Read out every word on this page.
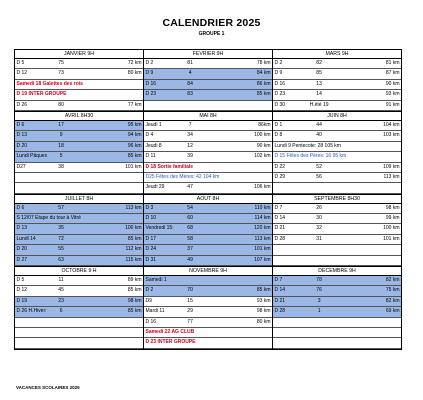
CALENDRIER 2025
GROUPE 1
JANVIER 9H
D 5	75	72 km
D 12	73	80 km
Samedi 18 Galettes des rois
D 19 INTER GROUPE
D 26	80	77 km
FEVRIER 9H
D 2	81	78 km
D 9	4	84 km
D 16	84	86 km
D 23	83	85 km
MARS 9H
D 2	82	81 km
D 9	85	87 km
D 16	13	90 km
D 23	14	93 km
D 30	H.été 19	91 km
AVRIL 8H30
D 6	17	95 km
D 13	9	94 km
D 20	18	96 km
Lundi Pâques	5	85 km
D27	38	101 km
MAI 8H
Jeudi 1	7	86km
D 4	34	100 km
Jeudi 8	12	90 km
D 11	39	102 km
D 18 Sortie familiale
D25 Fêtes des Mères: 42 104 km
Jeudi 29	47	106 km
JUIN 8H
D 1	44	104 km
D 8	40	103 km
Lundi 9 Pentecote: 28 105 km
D 15 Fêtes des Pères: 16 95 km
D 22	52	109 km
D 29	56	113 km
JUILLET 8H
D 6	57	113 km
S 12/07 Etape du tour à Vitré
D 13	35	100 km
Lundi 14	72	85 km
D 20	55	112 km
D 27	63	115 km
AOUT 8H
D 3	54	110 km
D 10	60	114 km
Vendredi 15:	68	120 km
D 17	58	113 km
D 24	37	101 km
D 31	49	107 km
SEPTEMBRE 8H30
D 7	26	98 km
D 14	30	99 km
D 21	32	100 km
D 28	31	101 km
OCTOBRE 9 H
D 5	11	89 km
D 12	45	85 km
D 19	23	98 km
D 26 H.Hiver:	6	85 km
NOVEMBRE 9H
Samedi 1
D 2	70	85 km
D9	15	93 km
Mardi 11	29	98 km
D 16	77	80 km
Samedi 22 AG CLUB
D 23 INTER GROUPE
DECEMBRE 9H
D 7	78	82 km
D 14	76	75 km
D 21	3	82 km
D 28	1	69 km
VACANCES SCOLAIRES 2025
